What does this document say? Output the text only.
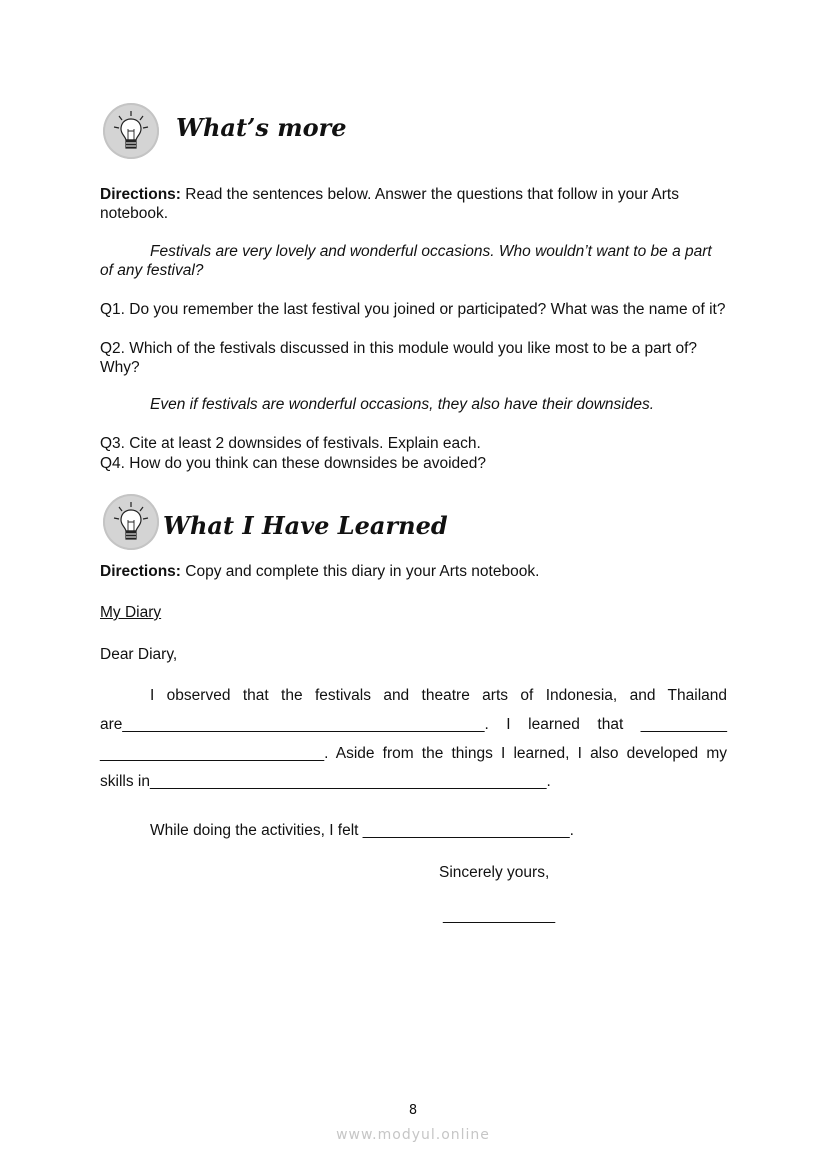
What’s more
Directions: Read the sentences below. Answer the questions that follow in your Arts notebook.
Festivals are very lovely and wonderful occasions. Who wouldn’t want to be a part of any festival?
Q1. Do you remember the last festival you joined or participated? What was the name of it?
Q2. Which of the festivals discussed in this module would you like most to be a part of? Why?
Even if festivals are wonderful occasions, they also have their downsides.
Q3. Cite at least 2 downsides of festivals. Explain each.
Q4. How do you think can these downsides be avoided?
What I Have Learned
Directions: Copy and complete this diary in your Arts notebook.
My Diary
Dear Diary,
I observed that the festivals and theatre arts of Indonesia, and Thailand
are__________________________________________. I learned that __________
__________________________. Aside from the things I learned, I also developed my
skills in______________________________________________.
While doing the activities, I felt ________________________.
Sincerely yours,
_____________
8
www.modyul.online
